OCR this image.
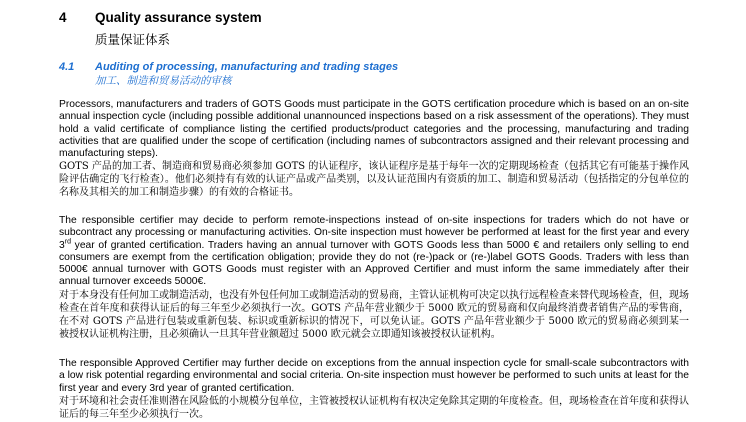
4 Quality assurance system
质量保证体系
4.1 Auditing of processing, manufacturing and trading stages
加工、制造和贸易活动的审核

Processors, manufacturers and traders of GOTS Goods must participate in the GOTS certification procedure which is based on an on-site annual inspection cycle (including possible additional unannounced inspections based on a risk assessment of the operations). They must hold a valid certificate of compliance listing the certified products/product categories and the processing, manufacturing and trading activities that are qualified under the scope of certification (including names of subcontractors assigned and their relevant processing and manufacturing steps).

GOTS 产品的加工者、制造商和贸易商必须参加 GOTS 的认证程序，该认证程序是基于每年一次的定期现场检查（包括其它有可能基于操作风险评估确定的飞行检查）。他们必须持有有效的认证产品或产品类别，以及认证范围内有资质的加工、制造和贸易活动（包括指定的分包单位的名称及其相关的加工和制造步骤）的有效的合格证书。

The responsible certifier may decide to perform remote-inspections instead of on-site inspections for traders which do not have or subcontract any processing or manufacturing activities. On-site inspection must however be performed at least for the first year and every 3rd year of granted certification. Traders having an annual turnover with GOTS Goods less than 5000 € and retailers only selling to end consumers are exempt from the certification obligation; provide they do not (re-)pack or (re-)label GOTS Goods. Traders with less than 5000€ annual turnover with GOTS Goods must register with an Approved Certifier and must inform the same immediately after their annual turnover exceeds 5000€.

对于本身没有任何加工或制造活动，也没有外包任何加工或制造活动的贸易商，主管认证机构可决定以执行远程检查来替代现场检查，但，现场检查在首年度和获得认证后的每三年至少必须执行一次。GOTS 产品年营业额少于 5000 欧元的贸易商和仅向最终消费者销售产品的零售商，在不对 GOTS 产品进行包装或重新包装、标识或重新标识的情况下，可以免认证。GOTS 产品年营业额少于 5000 欧元的贸易商必须到某一被授权认证机构注册，且必须确认一旦其年营业额超过 5000 欧元就会立即通知该被授权认证机构。

The responsible Approved Certifier may further decide on exceptions from the annual inspection cycle for small-scale subcontractors with a low risk potential regarding environmental and social criteria. On-site inspection must however be performed to such units at least for the first year and every 3rd year of granted certification.

对于环境和社会责任准则潜在风险低的小规模分包单位，主管被授权认证机构有权决定免除其定期的年度检查。但，现场检查在首年度和获得认证后的每三年至少必须执行一次。
